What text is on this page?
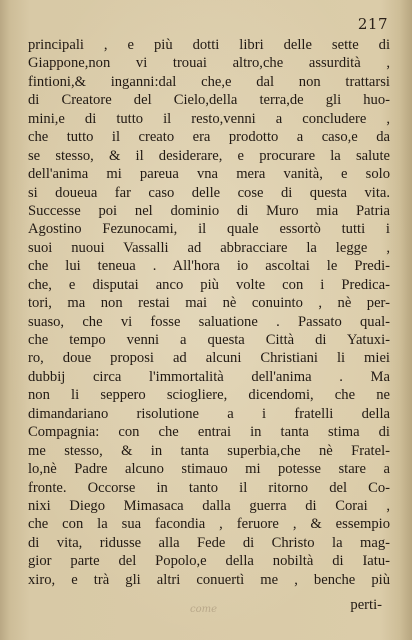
217
principali , e più dotti libri delle sette di
Giappone,non vi trouai altro,che assurdità ,
fintioni,& inganni:dal che,e dal non trattarsi
di Creatore del Cielo,della terra,de gli huo-
mini,e di tutto il resto,venni a concludere ,
che tutto il creato era prodotto a caso,e da
se stesso, & il desiderare, e procurare la salute
dell'anima mi pareua vna mera vanità, e solo
si doueua far caso delle cose di questa vita.
Successe poi nel dominio di Muro mia Patria
Agostino Fezunocami, il quale essortò tutti i
suoi nuoui Vassalli ad abbracciare la legge ,
che lui teneua . All'hora io ascoltai le Predi-
che, e disputai anco più volte con i Predica-
tori, ma non restai mai nè conuinto , nè per-
suaso, che vi fosse saluatione . Passato qual-
che tempo venni a questa Città di Yatuxi-
ro, doue proposi ad alcuni Christiani li miei
dubbij circa l'immortalità dell'anima . Ma
non li seppero sciogliere, dicendomi, che ne
dimandariano risolutione a i fratelli della
Compagnia: con che entrai in tanta stima di
me stesso, & in tanta superbia,che nè Fratel-
lo,nè Padre alcuno stimauo mi potesse stare a
fronte. Occorse in tanto il ritorno del Co-
nixi Diego Mimasaca dalla guerra di Corai ,
che con la sua facondia , feruore , & essempio
di vita, ridusse alla Fede di Christo la mag-
gior parte del Popolo,e della nobiltà di Iatu-
xiro, e trà gli altri conuertì me , benche più
come	perti-
